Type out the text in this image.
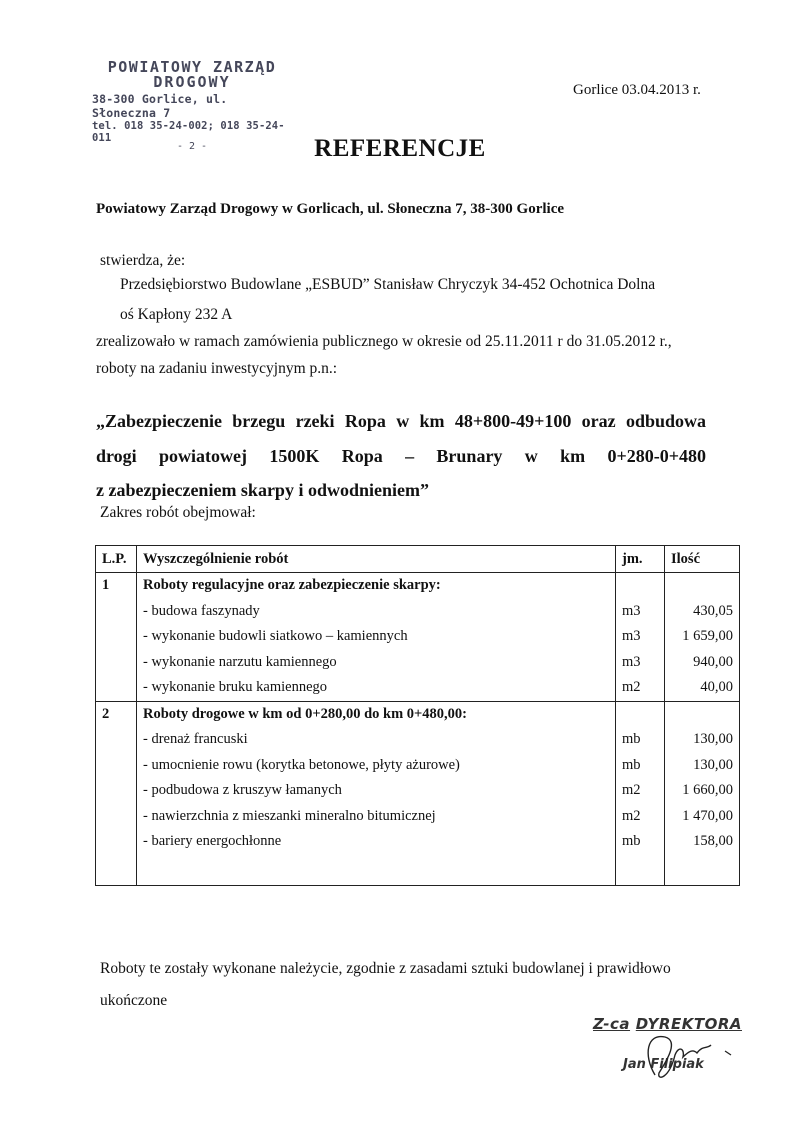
POWIATOWY ZARZĄD
DROGOWY
38-300 Gorlice, ul. Słoneczna 7
tel. 018 35-24-002; 018 35-24-011
- 2 -
Gorlice 03.04.2013 r.
REFERENCJE
Powiatowy Zarząd Drogowy w Gorlicach, ul. Słoneczna 7, 38-300 Gorlice
stwierdza, że:
Przedsiębiorstwo Budowlane „ESBUD” Stanisław Chryczyk 34-452 Ochotnica Dolna
oś Kapłony 232 A
zrealizowało w ramach zamówienia publicznego w okresie od 25.11.2011 r do 31.05.2012 r.,
roboty na zadaniu inwestycyjnym p.n.:
„Zabezpieczenie brzegu rzeki Ropa w km 48+800-49+100 oraz odbudowa
drogi powiatowej 1500K Ropa – Brunary w km 0+280-0+480
z zabezpieczeniem skarpy i odwodnieniem”
Zakres robót obejmował:
L.P.	Wyszczególnienie robót	jm.	Ilość
1	Roboty regulacyjne oraz zabezpieczenie skarpy:		
	- budowa faszynady	m3	430,05
	- wykonanie budowli siatkowo – kamiennych	m3	1 659,00
	- wykonanie narzutu kamiennego	m3	940,00
	- wykonanie bruku kamiennego	m2	40,00
2	Roboty drogowe w km od 0+280,00 do km 0+480,00:		
	- drenaż francuski	mb	130,00
	- umocnienie rowu (korytka betonowe, płyty ażurowe)	mb	130,00
	- podbudowa z kruszyw łamanych	m2	1 660,00
	- nawierzchnia z mieszanki mineralno bitumicznej	m2	1 470,00
	- bariery energochłonne	mb	158,00

Roboty te zostały wykonane należycie, zgodnie z zasadami sztuki budowlanej i prawidłowo
ukończone
Z-ca DYREKTORA
Jan Filipiak
